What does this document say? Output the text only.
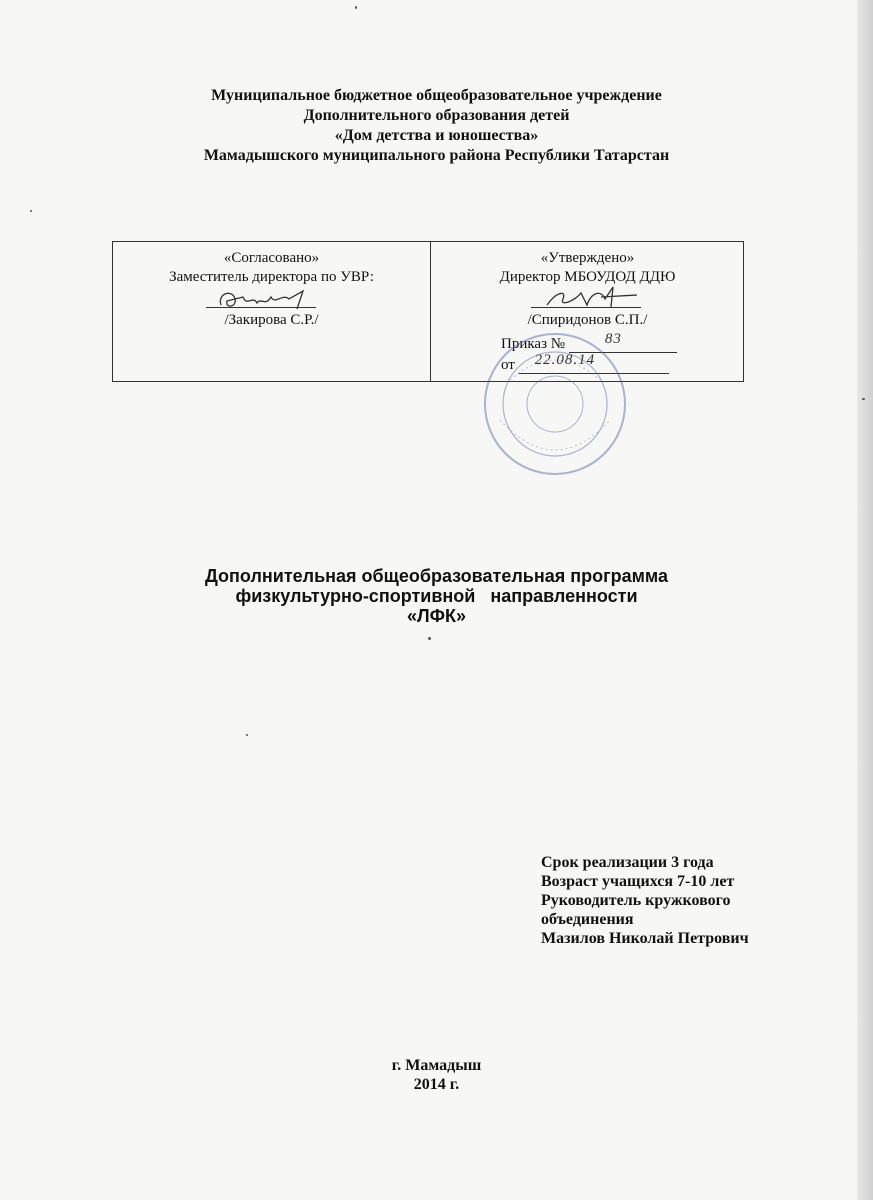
Муниципальное бюджетное общеобразовательное учреждение
Дополнительного образования детей
«Дом детства и юношества»
Мамадышского муниципального района Республики Татарстан
«Согласовано»
Заместитель директора по УВР:
/Закирова С.Р./
«Утверждено»
Директор МБОУДОД ДДЮ
/Спиридонов С.П./
Приказ №	83
от 22.08.14
Дополнительная общеобразовательная программа
физкультурно-спортивной   направленности
«ЛФК»
Срок реализации 3 года
Возраст учащихся 7-10 лет
Руководитель кружкового
объединения
Мазилов Николай Петрович
г. Мамадыш
2014 г.
